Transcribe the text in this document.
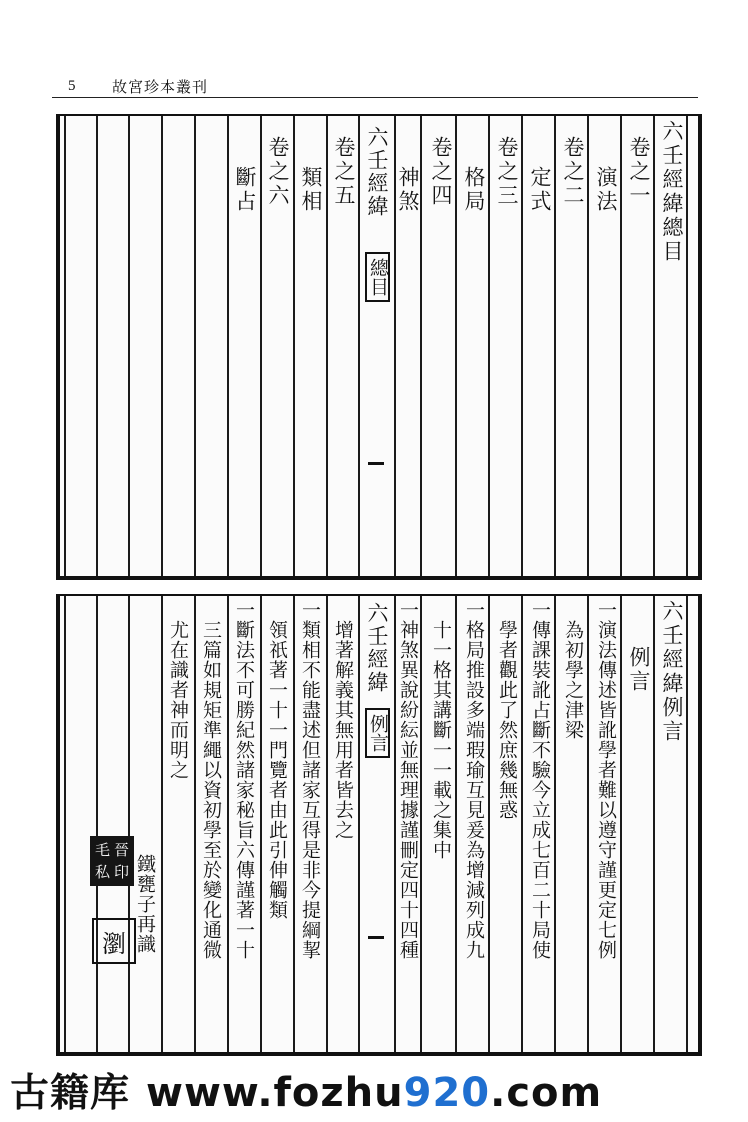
5 故宮珍本叢刊
六壬經緯總目
卷之一
演法
卷之二
定式
卷之三
格局
卷之四
神煞
六壬經緯
總目
卷之五
類相
卷之六
斷占
六壬經緯例言
例言
一演法傳述皆訛學者難以遵守謹更定七例
為初學之津梁
一傳課裝訛占斷不驗今立成七百二十局使
學者觀此了然庶幾無惑
一格局推設多端瑕瑜互見爰為增減列成九
十一格其講斷一一載之集中
一神煞異說紛紜並無理據謹刪定四十四種
六壬經緯
例言
增著解義其無用者皆去之
一類相不能盡述但諸家互得是非今提綱挈
領祇著一十一門覽者由此引伸觸類
一斷法不可勝紀然諸家秘旨六傳謹著一十
三篇如規矩準繩以資初學至於變化通微
尤在識者神而明之
鐵甕子再識
毛 晉
私 印
瀏
古籍库 www.fozhu920.com
